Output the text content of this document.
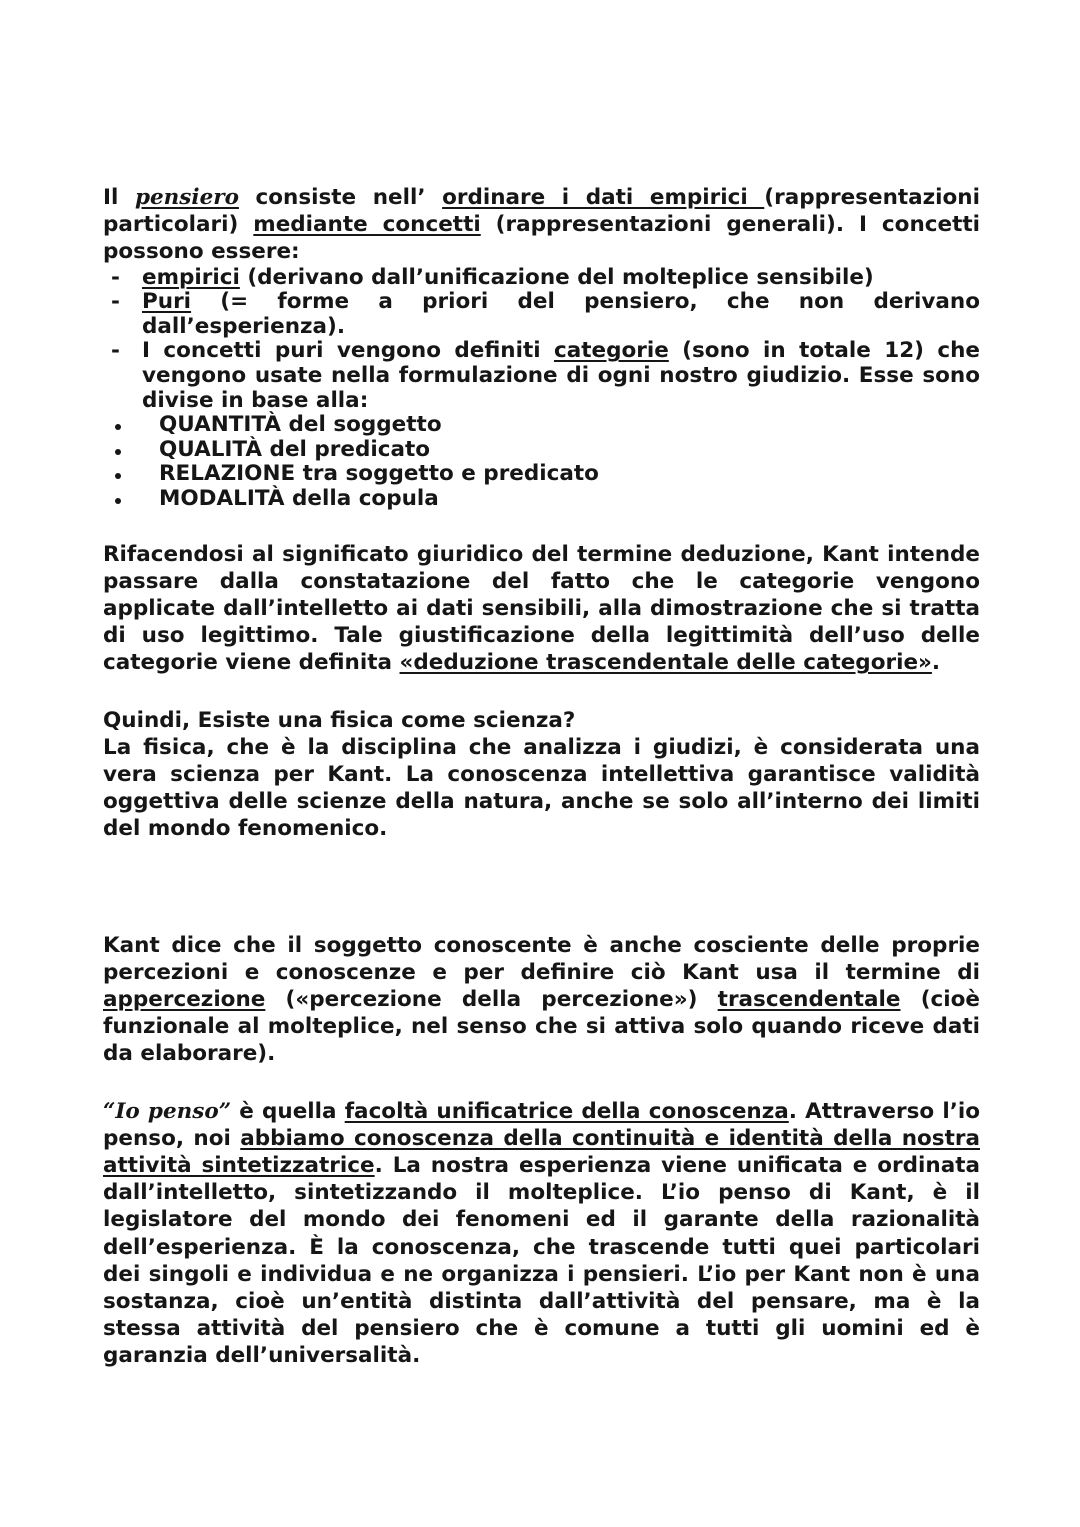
Il pensiero consiste nell’ ordinare i dati empirici (rappresentazioni particolari) mediante concetti (rappresentazioni generali). I concetti possono essere:

- empirici (derivano dall’unificazione del molteplice sensibile)
- Puri (= forme a priori del pensiero, che non derivano dall’esperienza).
- I concetti puri vengono definiti categorie (sono in totale 12) che vengono usate nella formulazione di ogni nostro giudizio. Esse sono divise in base alla:
QUANTITÀ del soggetto
QUALITÀ del predicato
RELAZIONE tra soggetto e predicato
MODALITÀ della copula

Rifacendosi al significato giuridico del termine deduzione, Kant intende passare dalla constatazione del fatto che le categorie vengono applicate dall’intelletto ai dati sensibili, alla dimostrazione che si tratta di uso legittimo. Tale giustificazione della legittimità dell’uso delle categorie viene definita «deduzione trascendentale delle categorie».

Quindi, Esiste una fisica come scienza?

La fisica, che è la disciplina che analizza i giudizi, è considerata una vera scienza per Kant. La conoscenza intellettiva garantisce validità oggettiva delle scienze della natura, anche se solo all’interno dei limiti del mondo fenomenico.

Kant dice che il soggetto conoscente è anche cosciente delle proprie percezioni e conoscenze e per definire ciò Kant usa il termine di appercezione («percezione della percezione») trascendentale (cioè funzionale al molteplice, nel senso che si attiva solo quando riceve dati da elaborare).

“Io penso” è quella facoltà unificatrice della conoscenza. Attraverso l’io penso, noi abbiamo conoscenza della continuità e identità della nostra attività sintetizzatrice. La nostra esperienza viene unificata e ordinata dall’intelletto, sintetizzando il molteplice. L’io penso di Kant, è il legislatore del mondo dei fenomeni ed il garante della razionalità dell’esperienza. È la conoscenza, che trascende tutti quei particolari dei singoli e individua e ne organizza i pensieri. L’io per Kant non è una sostanza, cioè un’entità distinta dall’attività del pensare, ma è la stessa attività del pensiero che è comune a tutti gli uomini ed è garanzia dell’universalità.
